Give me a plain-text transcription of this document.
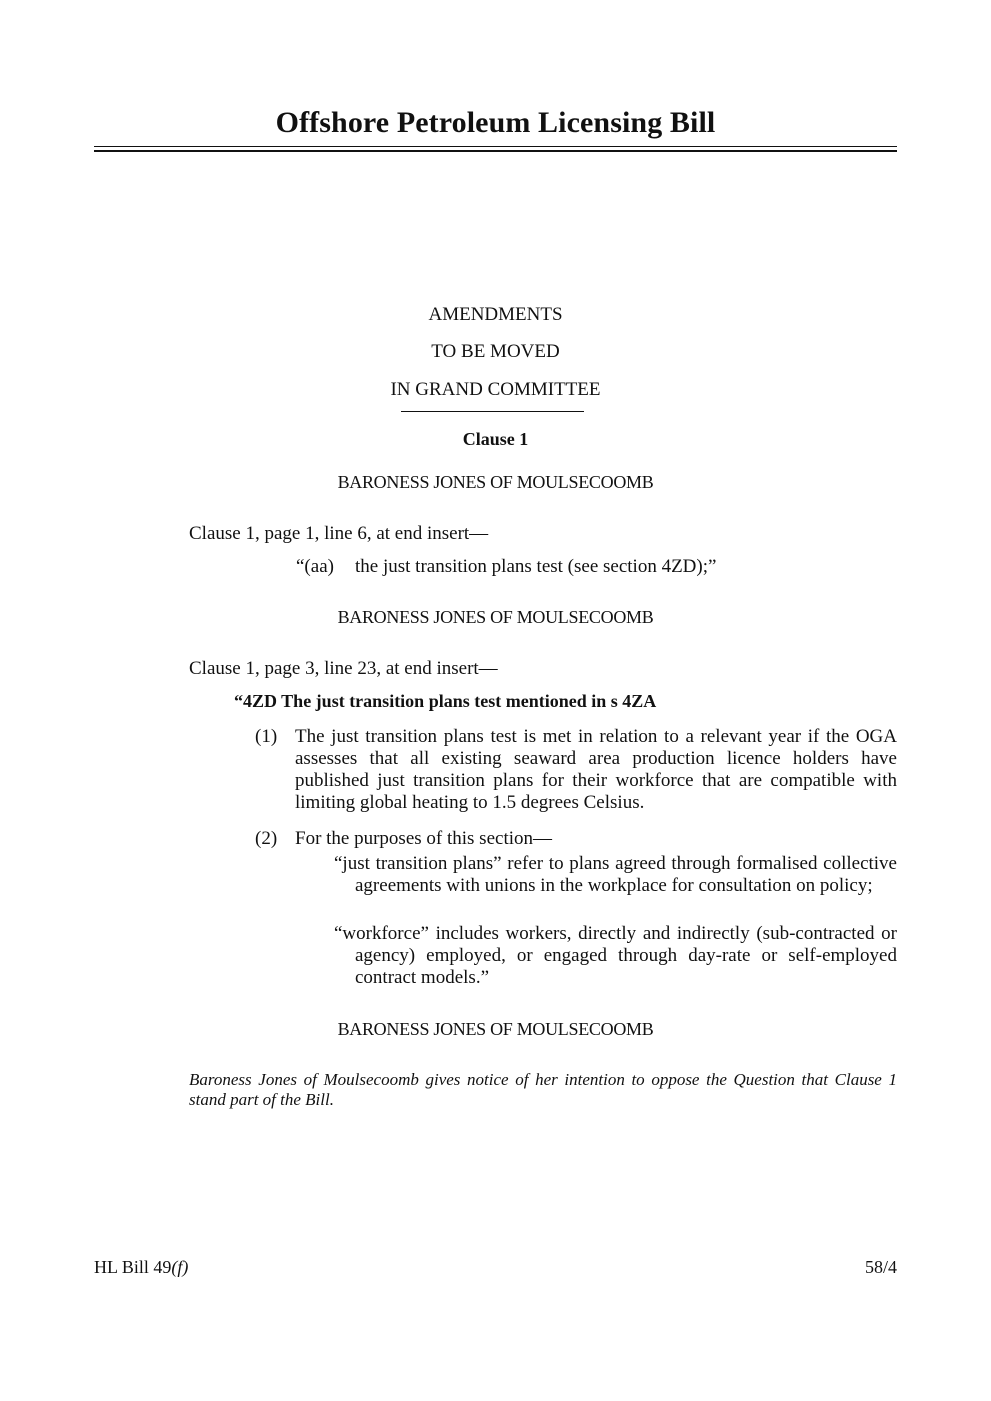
Offshore Petroleum Licensing Bill
AMENDMENTS
TO BE MOVED
IN GRAND COMMITTEE
Clause 1
BARONESS JONES OF MOULSECOOMB
Clause 1, page 1, line 6, at end insert—
“(aa) the just transition plans test (see section 4ZD);”
BARONESS JONES OF MOULSECOOMB
Clause 1, page 3, line 23, at end insert—
“4ZD The just transition plans test mentioned in s 4ZA
(1) The just transition plans test is met in relation to a relevant year if the OGA assesses that all existing seaward area production licence holders have published just transition plans for their workforce that are compatible with limiting global heating to 1.5 degrees Celsius.
(2) For the purposes of this section—
“just transition plans” refer to plans agreed through formalised collective agreements with unions in the workplace for consultation on policy;
“workforce” includes workers, directly and indirectly (sub-contracted or agency) employed, or engaged through day-rate or self-employed contract models.”
BARONESS JONES OF MOULSECOOMB
Baroness Jones of Moulsecoomb gives notice of her intention to oppose the Question that Clause 1 stand part of the Bill.
HL Bill 49(f)	58/4
